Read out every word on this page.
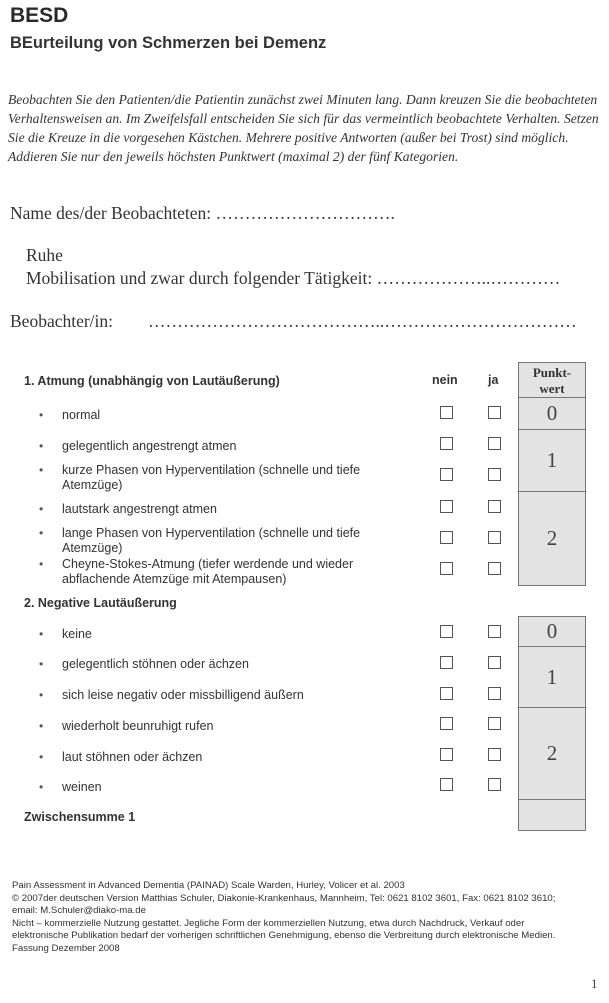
BESD
BEurteilung von Schmerzen bei Demenz
Beobachten Sie den Patienten/die Patientin zunächst zwei Minuten lang. Dann kreuzen Sie die beobachteten Verhaltensweisen an. Im Zweifelsfall entscheiden Sie sich für das vermeintlich beobachtete Verhalten. Setzen Sie die Kreuze in die vorgesehen Kästchen. Mehrere positive Antworten (außer bei Trost) sind möglich. Addieren Sie nur den jeweils höchsten Punktwert (maximal 2) der fünf Kategorien.
Name des/der Beobachteten: ………………………….
Ruhe
Mobilisation und zwar durch folgender Tätigkeit: ………………..…………
Beobachter/in: …………………………………..……………………………
nein ja	Punkt-
wert
1. Atmung (unabhängig von Lautäußerung)
• normal
• gelegentlich angestrengt atmen
• kurze Phasen von Hyperventilation (schnelle und tiefe Atemzüge)
• lautstark angestrengt atmen
• lange Phasen von Hyperventilation (schnelle und tiefe Atemzüge)
• Cheyne-Stokes-Atmung (tiefer werdende und wieder abflachende Atemzüge mit Atempausen)
0
1
2
2. Negative Lautäußerung
• keine
• gelegentlich stöhnen oder ächzen
• sich leise negativ oder missbilligend äußern
• wiederholt beunruhigt rufen
• laut stöhnen oder ächzen
• weinen
0
1
2
Zwischensumme 1
Pain Assessment in Advanced Dementia (PAINAD) Scale Warden, Hurley, Volicer et al. 2003
© 2007der deutschen Version Matthias Schuler, Diakonie-Krankenhaus, Mannheim, Tel: 0621 8102 3601, Fax: 0621 8102 3610; email: M.Schuler@diako-ma.de
Nicht – kommerzielle Nutzung gestattet. Jegliche Form der kommerziellen Nutzung, etwa durch Nachdruck, Verkauf oder elektronische Publikation bedarf der vorherigen schriftlichen Genehmigung, ebenso die Verbreitung durch elektronische Medien.
Fassung Dezember 2008
1
